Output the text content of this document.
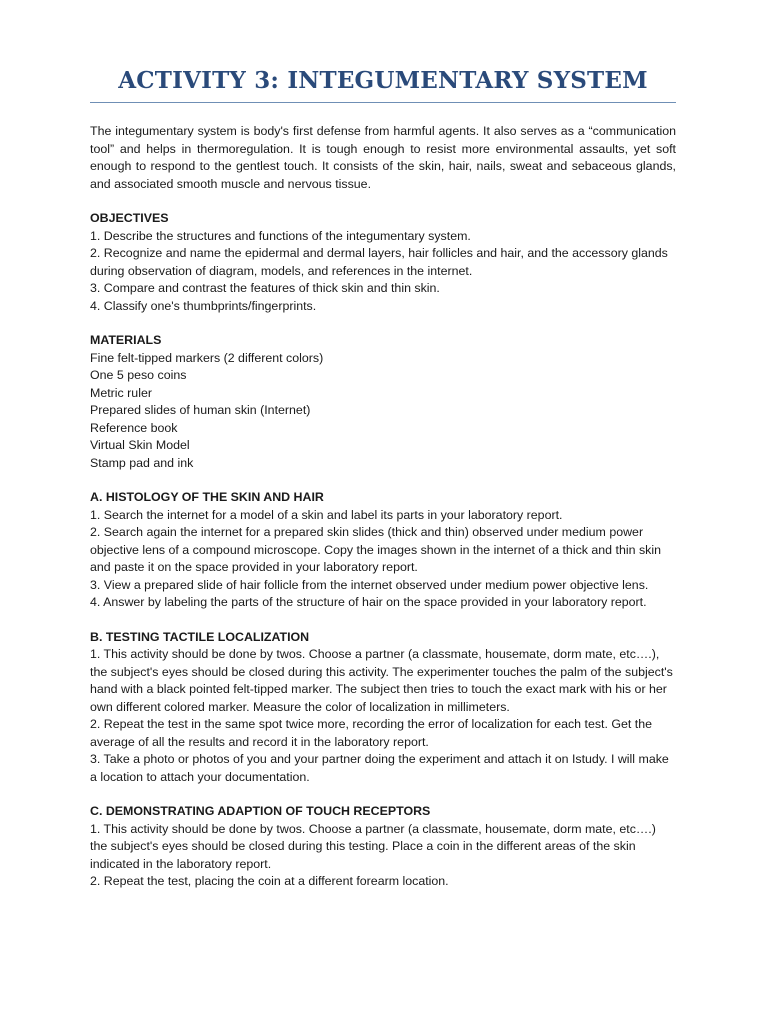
ACTIVITY 3: INTEGUMENTARY SYSTEM

The integumentary system is body's first defense from harmful agents. It also serves as a “communication tool” and helps in thermoregulation. It is tough enough to resist more environmental assaults, yet soft enough to respond to the gentlest touch. It consists of the skin, hair, nails, sweat and sebaceous glands, and associated smooth muscle and nervous tissue.

OBJECTIVES

1. Describe the structures and functions of the integumentary system.

2. Recognize and name the epidermal and dermal layers, hair follicles and hair, and the accessory glands during observation of diagram, models, and references in the internet.

3. Compare and contrast the features of thick skin and thin skin.

4. Classify one's thumbprints/fingerprints.

MATERIALS

Fine felt-tipped markers (2 different colors)

One 5 peso coins

Metric ruler

Prepared slides of human skin (Internet)

Reference book

Virtual Skin Model

Stamp pad and ink

A. HISTOLOGY OF THE SKIN AND HAIR

1. Search the internet for a model of a skin and label its parts in your laboratory report.

2. Search again the internet for a prepared skin slides (thick and thin) observed under medium power objective lens of a compound microscope. Copy the images shown in the internet of a thick and thin skin and paste it on the space provided in your laboratory report.

3. View a prepared slide of hair follicle from the internet observed under medium power objective lens.

4. Answer by labeling the parts of the structure of hair on the space provided in your laboratory report.

B. TESTING TACTILE LOCALIZATION

1. This activity should be done by twos. Choose a partner (a classmate, housemate, dorm mate, etc….), the subject's eyes should be closed during this activity. The experimenter touches the palm of the subject's hand with a black pointed felt-tipped marker. The subject then tries to touch the exact mark with his or her own different colored marker. Measure the color of localization in millimeters.

2. Repeat the test in the same spot twice more, recording the error of localization for each test. Get the average of all the results and record it in the laboratory report.

3. Take a photo or photos of you and your partner doing the experiment and attach it on Istudy. I will make a location to attach your documentation.

C. DEMONSTRATING ADAPTION OF TOUCH RECEPTORS

1. This activity should be done by twos. Choose a partner (a classmate, housemate, dorm mate, etc….) the subject's eyes should be closed during this testing. Place a coin in the different areas of the skin indicated in the laboratory report.

2. Repeat the test, placing the coin at a different forearm location.
